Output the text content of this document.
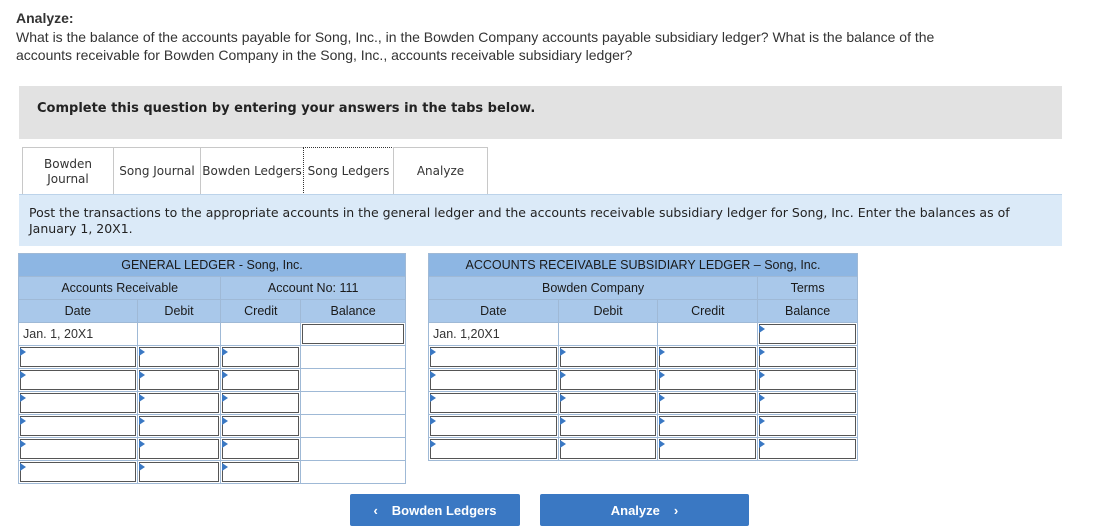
Analyze:
What is the balance of the accounts payable for Song, Inc., in the Bowden Company accounts payable subsidiary ledger? What is the balance of the accounts receivable for Bowden Company in the Song, Inc., accounts receivable subsidiary ledger?
Complete this question by entering your answers in the tabs below.
Bowden Journal
Song Journal Bowden Ledgers Song Ledgers	Analyze
Post the transactions to the appropriate accounts in the general ledger and the accounts receivable subsidiary ledger for Song, Inc. Enter the balances as of January 1, 20X1.
GENERAL LEDGER - Song, Inc.			
Accounts Receivable		Account No: 111	
Date	Debit	Credit	Balance
Jan. 1, 20X1			

ACCOUNTS RECEIVABLE SUBSIDIARY LEDGER – Song, Inc.			
Bowden Company			Terms
Date	Debit	Credit	Balance
Jan. 1,20X1			

‹ Bowden Ledgers	Analyze ›
